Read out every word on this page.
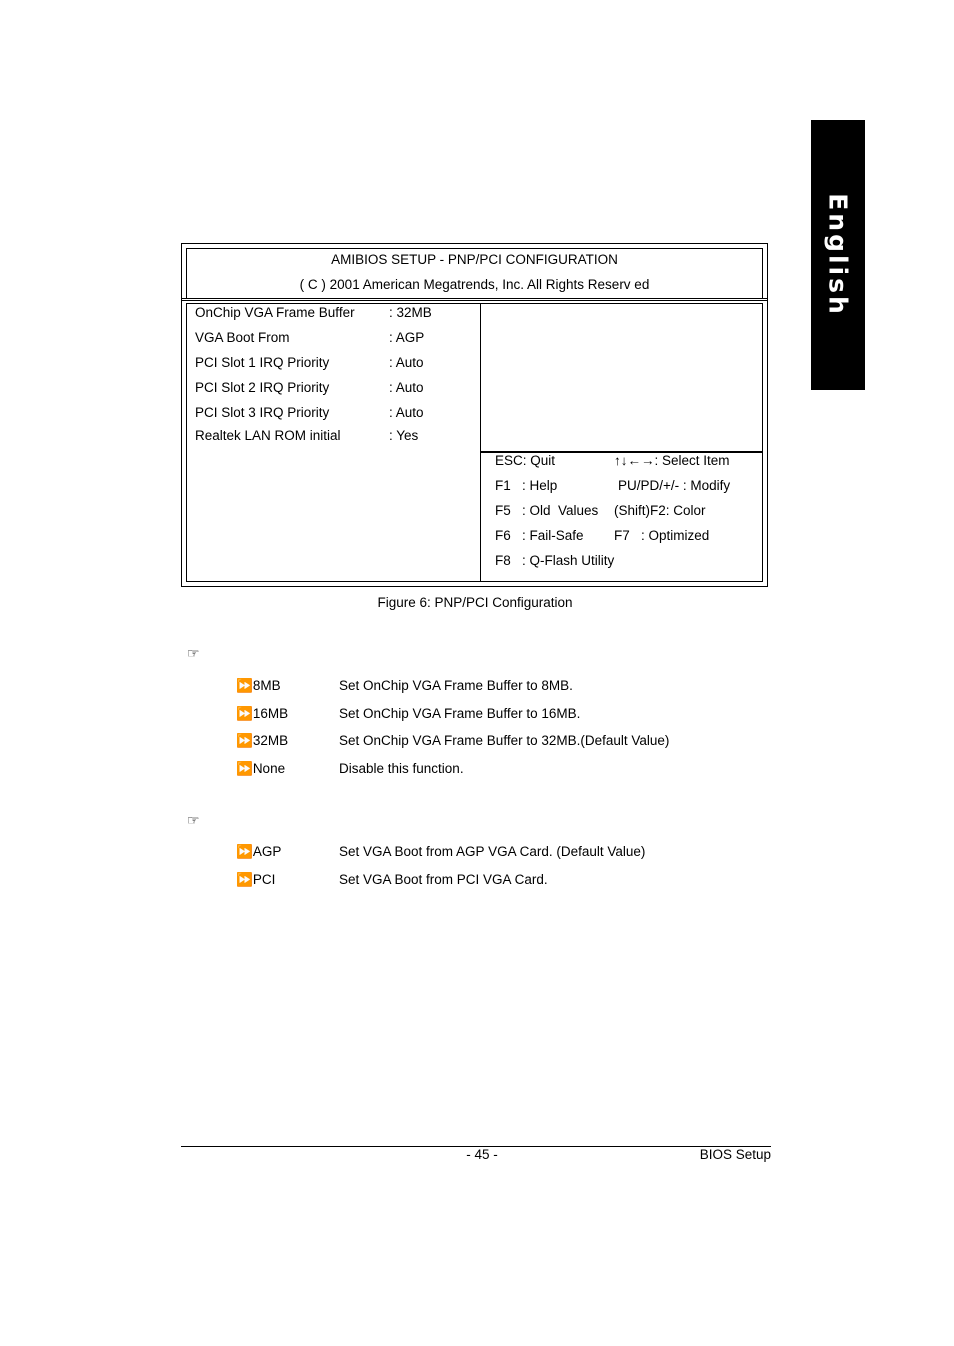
English
AMIBIOS SETUP - PNP/PCI CONFIGURATION
( C ) 2001 American Megatrends, Inc. All Rights Reserv ed
OnChip VGA Frame Buffer	: 32MB
VGA Boot From	: AGP
PCI Slot 1 IRQ Priority	: Auto
PCI Slot 2 IRQ Priority	: Auto
PCI Slot 3 IRQ Priority	: Auto
Realtek LAN ROM initial	: Yes
ESC: Quit	↑↓←→: Select Item
F1   : Help	PU/PD/+/- : Modify
F5   : Old  Values (Shift)F2: Color
F6   : Fail-Safe F7   : Optimized
F8   : Q-Flash Utility
Figure 6: PNP/PCI Configuration
☞
⏩8MB	Set OnChip VGA Frame Buffer to 8MB.
⏩16MB	Set OnChip VGA Frame Buffer to 16MB.
⏩32MB	Set OnChip VGA Frame Buffer to 32MB.(Default Value)
⏩None	Disable this function.
☞
⏩AGP	Set VGA Boot from AGP VGA Card. (Default Value)
⏩PCI	Set VGA Boot from PCI VGA Card.
- 45 -	BIOS Setup
